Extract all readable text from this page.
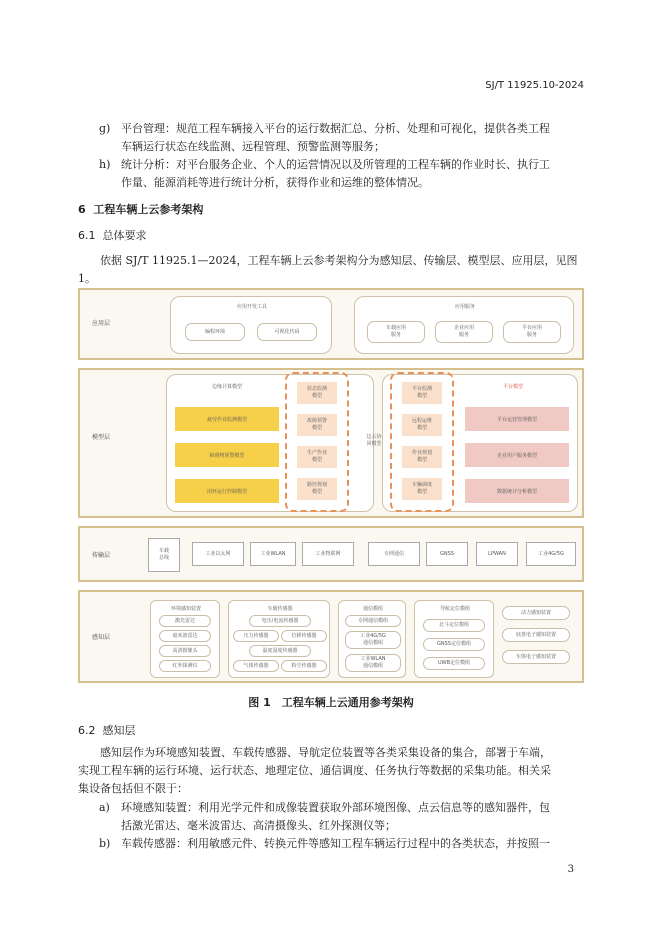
SJ/T 11925.10-2024
g) 平台管理：规范工程车辆接入平台的运行数据汇总、分析、处理和可视化，提供各类工程
车辆运行状态在线监测、远程管理、预警监测等服务；
h) 统计分析：对平台服务企业、个人的运营情况以及所管理的工程车辆的作业时长、执行工
作量、能源消耗等进行统计分析，获得作业和运维的整体情况。
6 工程车辆上云参考架构
6.1 总体要求
依据 SJ/T 11925.1—2024，工程车辆上云参考架构分为感知层、传输层、模型层、应用层，见图
1。
应用层
应用开发工具
编程环境	可视化代码
应用服务
车载应用
服务
企业应用
服务
平台应用
服务
模型层
边缘计算模型
疲劳作业监测模型
障碍物预警模型
闭环运行控制模型
状态监测
模型
故障预警
模型
生产作业
模型
路径规划
模型
边云协
同模型
平台模型
平台运营管理模型
企业用户服务模型
数据统计分析模型
平台监测
模型
远程运维
模型
作业规划
模型
车辆调度
模型
传输层
车载
总线
工业以太网	工业WLAN	工业物联网	专网通信	GNSS	LPWAN	工业4G/5G
感知层
环境感知装置
激光雷达
毫米波雷达
高清摄像头
红外探测仪
车载传感器
电压/电流传感器
压力传感器	位移传感器
温度湿度传感器
气体传感器	粉尘传感器
通信模组
专网通信模组
工业4G/5G
通信模组
工业WLAN
通信模组
导航定位模组
北斗定位模组
GNSS定位模组
UWB定位模组
动力感知装置
底盘电子感知装置
车体电子感知装置
图 1　工程车辆上云通用参考架构
6.2 感知层
感知层作为环境感知装置、车载传感器、导航定位装置等各类采集设备的集合，部署于车端，
实现工程车辆的运行环境、运行状态、地理定位、通信调度、任务执行等数据的采集功能。相关采
集设备包括但不限于：
a) 环境感知装置：利用光学元件和成像装置获取外部环境图像、点云信息等的感知器件，包
括激光雷达、毫米波雷达、高清摄像头、红外探测仪等；
b) 车载传感器：利用敏感元件、转换元件等感知工程车辆运行过程中的各类状态，并按照一
3
